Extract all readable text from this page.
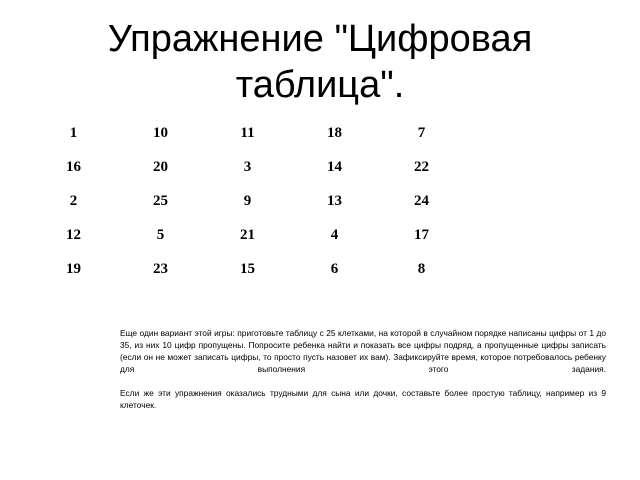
Упражнение "Цифровая таблица".
1	10	11	18	7
16	20	3	14	22
2	25	9	13	24
12	5	21	4	17
19	23	15	6	8

Еще один вариант этой игры: приготовьте таблицу с 25 клетками, на которой в случайном порядке написаны цифры от 1 до 35, из них 10 цифр пропущены. Попросите ребенка найти и показать все цифры подряд, а пропущенные цифры записать (если он не может записать цифры, то просто пусть назовет их вам). Зафиксируйте время, которое потребовалось ребенку для выполнения этого задания.

Если же эти упражнения оказались трудными для сына или дочки, составьте более простую таблицу, например из 9 клеточек.
